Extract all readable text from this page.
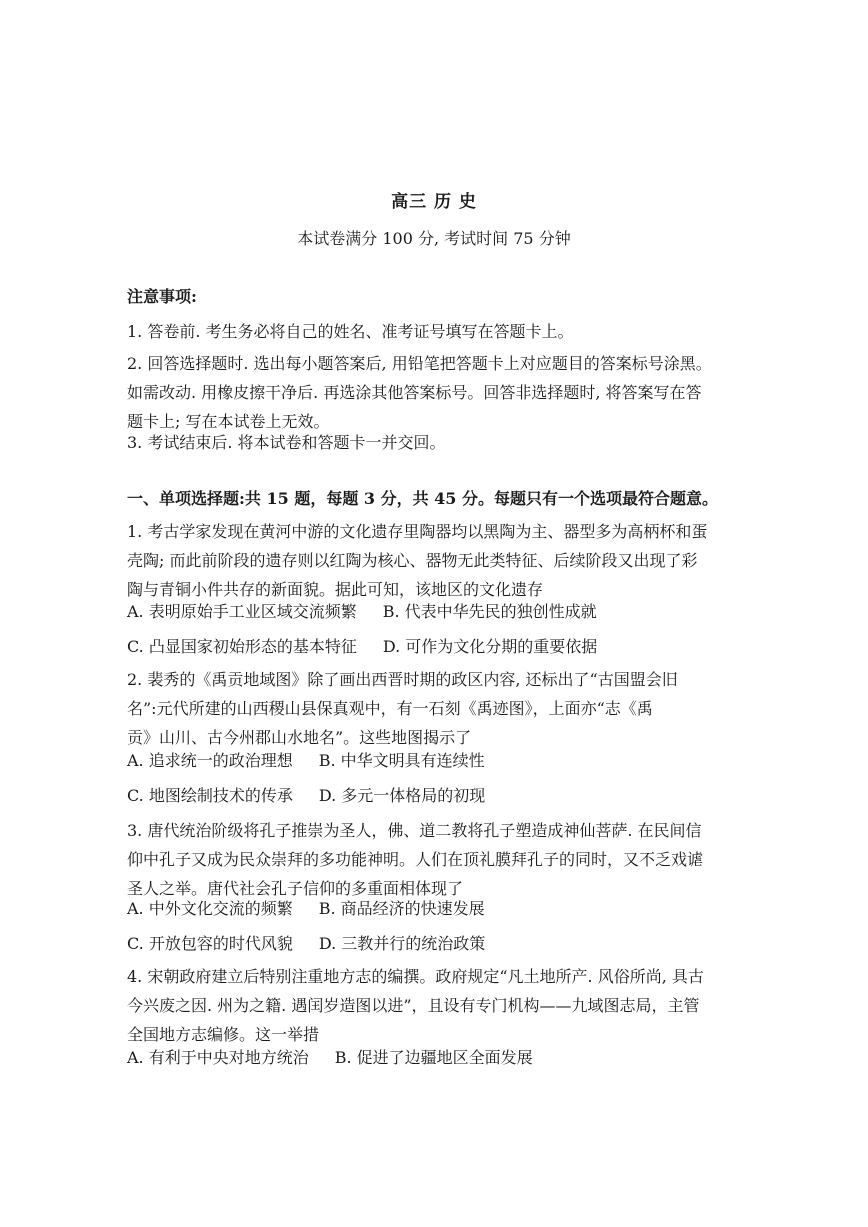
高三 历 史
本试卷满分 100 分, 考试时间 75 分钟
注意事项:
1. 答卷前. 考生务必将自己的姓名、准考证号填写在答题卡上。
2. 回答选择题时. 选出每小题答案后, 用铅笔把答题卡上对应题目的答案标号涂黑。
如需改动. 用橡皮擦干净后. 再选涂其他答案标号。回答非选择题时, 将答案写在答
题卡上; 写在本试卷上无效。
3. 考试结束后. 将本试卷和答题卡一并交回。
一、单项选择题:共 15 题，每题 3 分，共 45 分。每题只有一个选项最符合题意。
1. 考古学家发现在黄河中游的文化遗存里陶器均以黑陶为主、器型多为高柄杯和蛋
壳陶; 而此前阶段的遗存则以红陶为核心、器物无此类特征、后续阶段又出现了彩
陶与青铜小件共存的新面貌。据此可知，该地区的文化遗存
A. 表明原始手工业区域交流频繁 B. 代表中华先民的独创性成就
C. 凸显国家初始形态的基本特征 D. 可作为文化分期的重要依据
2. 裴秀的《禹贡地域图》除了画出西晋时期的政区内容, 还标出了“古国盟会旧
名”:元代所建的山西稷山县保真观中，有一石刻《禹迹图》，上面亦“志《禹
贡》山川、古今州郡山水地名”。这些地图揭示了
A. 追求统一的政治理想 B. 中华文明具有连续性
C. 地图绘制技术的传承 D. 多元一体格局的初现
3. 唐代统治阶级将孔子推崇为圣人，佛、道二教将孔子塑造成神仙菩萨. 在民间信
仰中孔子又成为民众崇拜的多功能神明。人们在顶礼膜拜孔子的同时，又不乏戏谑
圣人之举。唐代社会孔子信仰的多重面相体现了
A. 中外文化交流的频繁 B. 商品经济的快速发展
C. 开放包容的时代风貌 D. 三教并行的统治政策
4. 宋朝政府建立后特别注重地方志的编撰。政府规定“凡土地所产. 风俗所尚, 具古
今兴废之因. 州为之籍. 遇闰岁造图以进”，且设有专门机构——九域图志局，主管
全国地方志编修。这一举措
A. 有利于中央对地方统治 B. 促进了边疆地区全面发展
